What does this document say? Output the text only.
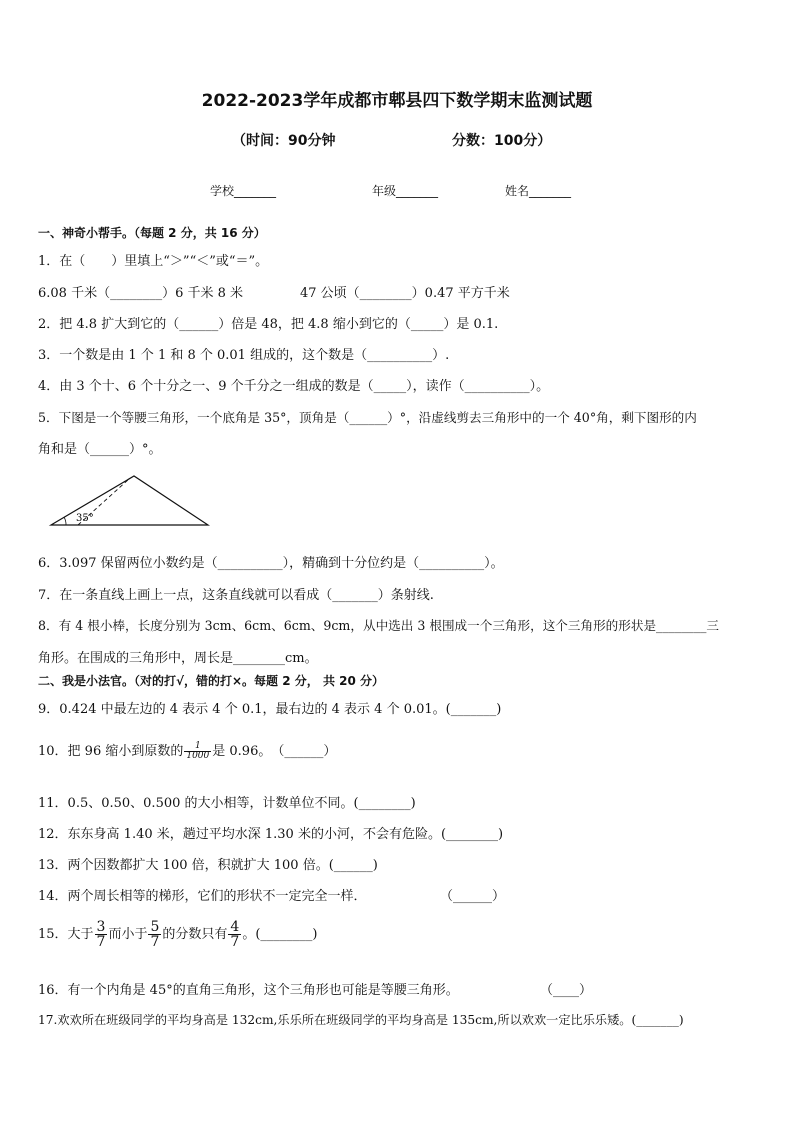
2022-2023学年成都市郫县四下数学期末监测试题
（时间：90分钟	分数：100分）
学校_______	年级_______	姓名_______
一、神奇小帮手。（每题 2 分，共 16 分）
1．在（　　）里填上“＞”“＜”或“＝”。
6.08 千米（________）6 千米 8 米	47 公顷（________）0.47 平方千米
2．把 4.8 扩大到它的（______）倍是 48，把 4.8 缩小到它的（_____）是 0.1.
3．一个数是由 1 个 1 和 8 个 0.01 组成的，这个数是（__________）.
4．由 3 个十、6 个十分之一、9 个千分之一组成的数是（_____），读作（__________）。
5．下图是一个等腰三角形，一个底角是 35°，顶角是（______）°，沿虚线剪去三角形中的一个 40°角，剩下图形的内
角和是（______）°。
35°
6．3.097 保留两位小数约是（__________），精确到十分位约是（__________）。
7．在一条直线上画上一点，这条直线就可以看成（_______）条射线.
8．有 4 根小棒，长度分别为 3cm、6cm、6cm、9cm，从中选出 3 根围成一个三角形，这个三角形的形状是________三
角形。在围成的三角形中，周长是________cm。
二、我是小法官。（对的打√，错的打×。每题 2 分， 共 20 分）
9．0.424 中最左边的 4 表示 4 个 0.1，最右边的 4 表示 4 个 0.01。(_______)
10．把 96 缩小到原数的 $\frac{1}{1000}$ 是 0.96。　（______）
11．0.5、0.50、0.500 的大小相等，计数单位不同。(________)
12．东东身高 1.40 米，趟过平均水深 1.30 米的小河，不会有危险。(________)
13．两个因数都扩大 100 倍，积就扩大 100 倍。(______)
14．两个周长相等的梯形，它们的形状不一定完全一样．	（______）
15．大于 $\frac{3}{7}$ 而小于 $\frac{5}{7}$ 的分数只有 $\frac{4}{7}$ 。(________)
16．有一个内角是 45°的直角三角形，这个三角形也可能是等腰三角形。	（____）
17.欢欢所在班级同学的平均身高是 132cm,乐乐所在班级同学的平均身高是 135cm,所以欢欢一定比乐乐矮。(_______)
